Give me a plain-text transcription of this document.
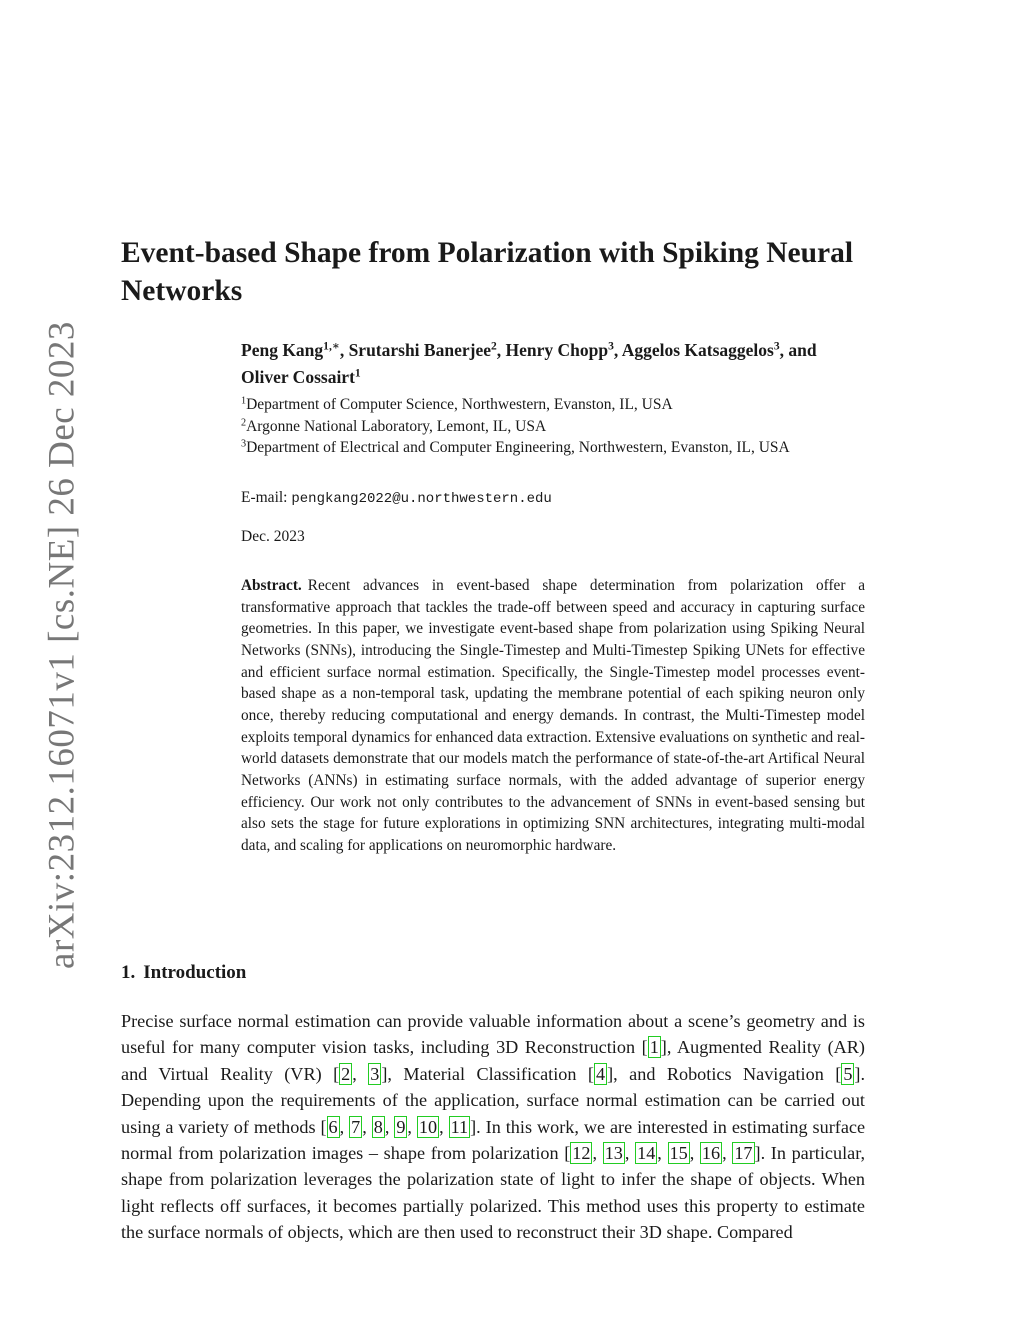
arXiv:2312.16071v1 [cs.NE] 26 Dec 2023
Event-based Shape from Polarization with Spiking Neural Networks
Peng Kang$^{1,∗}$, Srutarshi Banerjee$^2$, Henry Chopp$^3$, Aggelos Katsaggelos$^3$, and Oliver Cossairt$^1$
$^1$Department of Computer Science, Northwestern, Evanston, IL, USA
$^2$Argonne National Laboratory, Lemont, IL, USA
$^3$Department of Electrical and Computer Engineering, Northwestern, Evanston, IL, USA
E-mail: pengkang2022@u.northwestern.edu
Dec. 2023

Abstract. Recent advances in event-based shape determination from polarization offer a transformative approach that tackles the trade-off between speed and accuracy in capturing surface geometries. In this paper, we investigate event-based shape from polarization using Spiking Neural Networks (SNNs), introducing the Single-Timestep and Multi-Timestep Spiking UNets for effective and efficient surface normal estimation. Specifically, the Single-Timestep model processes event-based shape as a non-temporal task, updating the membrane potential of each spiking neuron only once, thereby reducing computational and energy demands. In contrast, the Multi-Timestep model exploits temporal dynamics for enhanced data extraction. Extensive evaluations on synthetic and real-world datasets demonstrate that our models match the performance of state-of-the-art Artifical Neural Networks (ANNs) in estimating surface normals, with the added advantage of superior energy efficiency. Our work not only contributes to the advancement of SNNs in event-based sensing but also sets the stage for future explorations in optimizing SNN architectures, integrating multi-modal data, and scaling for applications on neuromorphic hardware.

1. Introduction

Precise surface normal estimation can provide valuable information about a scene’s geometry and is useful for many computer vision tasks, including 3D Reconstruction [ 1 ], Augmented Reality (AR) and Virtual Reality (VR) [ 2 , 3 ], Material Classification [ 4 ], and Robotics Navigation [ 5 ]. Depending upon the requirements of the application, surface normal estimation can be carried out using a variety of methods [ 6 , 7 , 8 , 9 , 10 , 11 ]. In this work, we are interested in estimating surface normal from polarization images – shape from polarization [ 12 , 13 , 14 , 15 , 16 , 17 ]. In particular, shape from polarization leverages the polarization state of light to infer the shape of objects. When light reflects off surfaces, it becomes partially polarized. This method uses this property to estimate the surface normals of objects, which are then used to reconstruct their 3D shape. Compared
